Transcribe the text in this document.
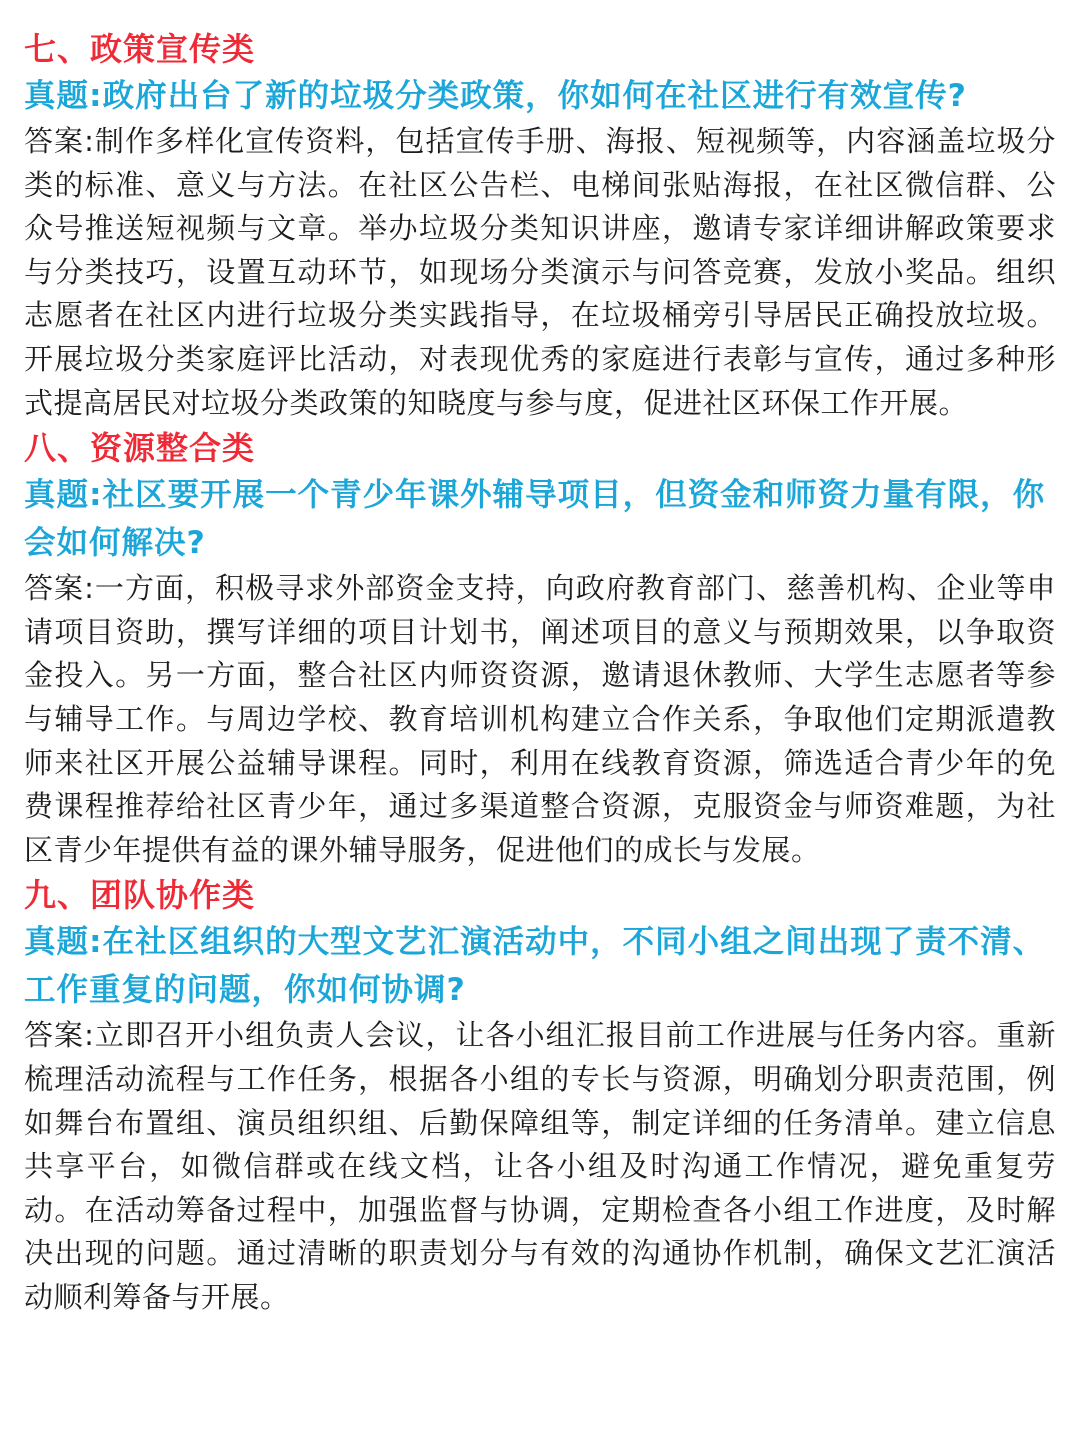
七、政策宣传类

真题:政府出台了新的垃圾分类政策，你如何在社区进行有效宣传?

答案:制作多样化宣传资料，包括宣传手册、海报、短视频等，内容涵盖垃圾分类的标准、意义与方法。在社区公告栏、电梯间张贴海报，在社区微信群、公众号推送短视频与文章。举办垃圾分类知识讲座，邀请专家详细讲解政策要求与分类技巧，设置互动环节，如现场分类演示与问答竞赛，发放小奖品。组织志愿者在社区内进行垃圾分类实践指导，在垃圾桶旁引导居民正确投放垃圾。开展垃圾分类家庭评比活动，对表现优秀的家庭进行表彰与宣传，通过多种形式提高居民对垃圾分类政策的知晓度与参与度，促进社区环保工作开展。

八、资源整合类

真题:社区要开展一个青少年课外辅导项目，但资金和师资力量有限，你会如何解决?

答案:一方面，积极寻求外部资金支持，向政府教育部门、慈善机构、企业等申请项目资助，撰写详细的项目计划书，阐述项目的意义与预期效果，以争取资金投入。另一方面，整合社区内师资资源，邀请退休教师、大学生志愿者等参与辅导工作。与周边学校、教育培训机构建立合作关系，争取他们定期派遣教师来社区开展公益辅导课程。同时，利用在线教育资源，筛选适合青少年的免费课程推荐给社区青少年，通过多渠道整合资源，克服资金与师资难题，为社区青少年提供有益的课外辅导服务，促进他们的成长与发展。

九、团队协作类

真题:在社区组织的大型文艺汇演活动中，不同小组之间出现了责不清、工作重复的问题，你如何协调?

答案:立即召开小组负责人会议，让各小组汇报目前工作进展与任务内容。重新梳理活动流程与工作任务，根据各小组的专长与资源，明确划分职责范围，例如舞台布置组、演员组织组、后勤保障组等，制定详细的任务清单。建立信息共享平台，如微信群或在线文档，让各小组及时沟通工作情况，避免重复劳动。在活动筹备过程中，加强监督与协调，定期检查各小组工作进度，及时解决出现的问题。通过清晰的职责划分与有效的沟通协作机制，确保文艺汇演活动顺利筹备与开展。
